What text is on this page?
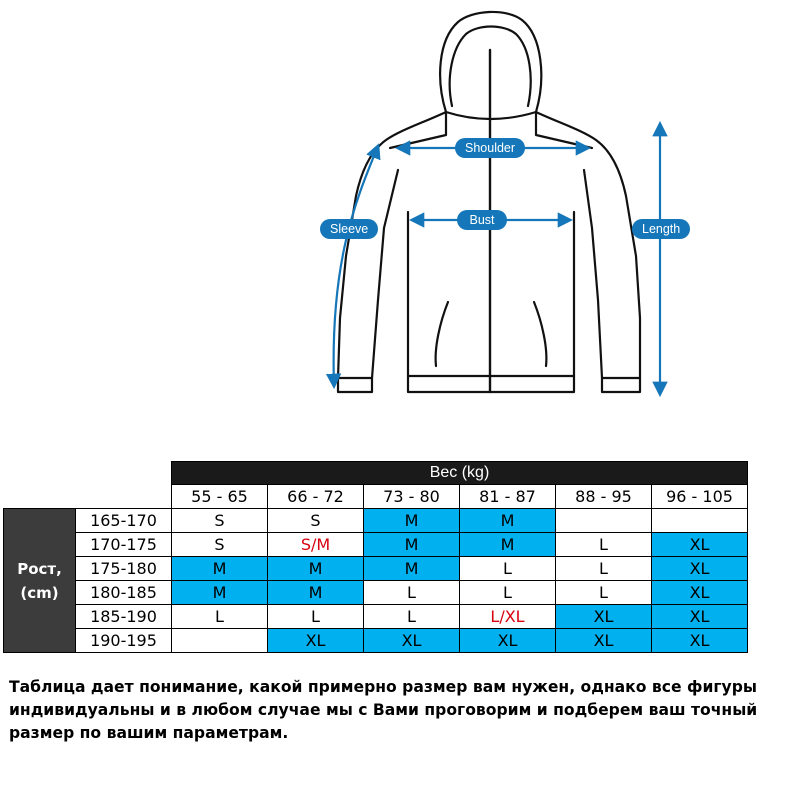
Shoulder
Bust
Sleeve	Length
		Вес (kg)					
		55 - 65	66 - 72	73 - 80	81 - 87	88 - 95	96 - 105

Рост,
(cm)	165-170	S	S	M	M		
	170-175	S	S/M	M	M	L	XL
	175-180	M	M	M	L	L	XL
	180-185	M	M	L	L	L	XL
	185-190	L	L	L	L/XL	XL	XL
	190-195		XL	XL	XL	XL	XL
Таблица дает понимание, какой примерно размер вам нужен, однако все фигуры индивидуальны и в любом случае мы с Вами проговорим и подберем ваш точный размер по вашим параметрам.
